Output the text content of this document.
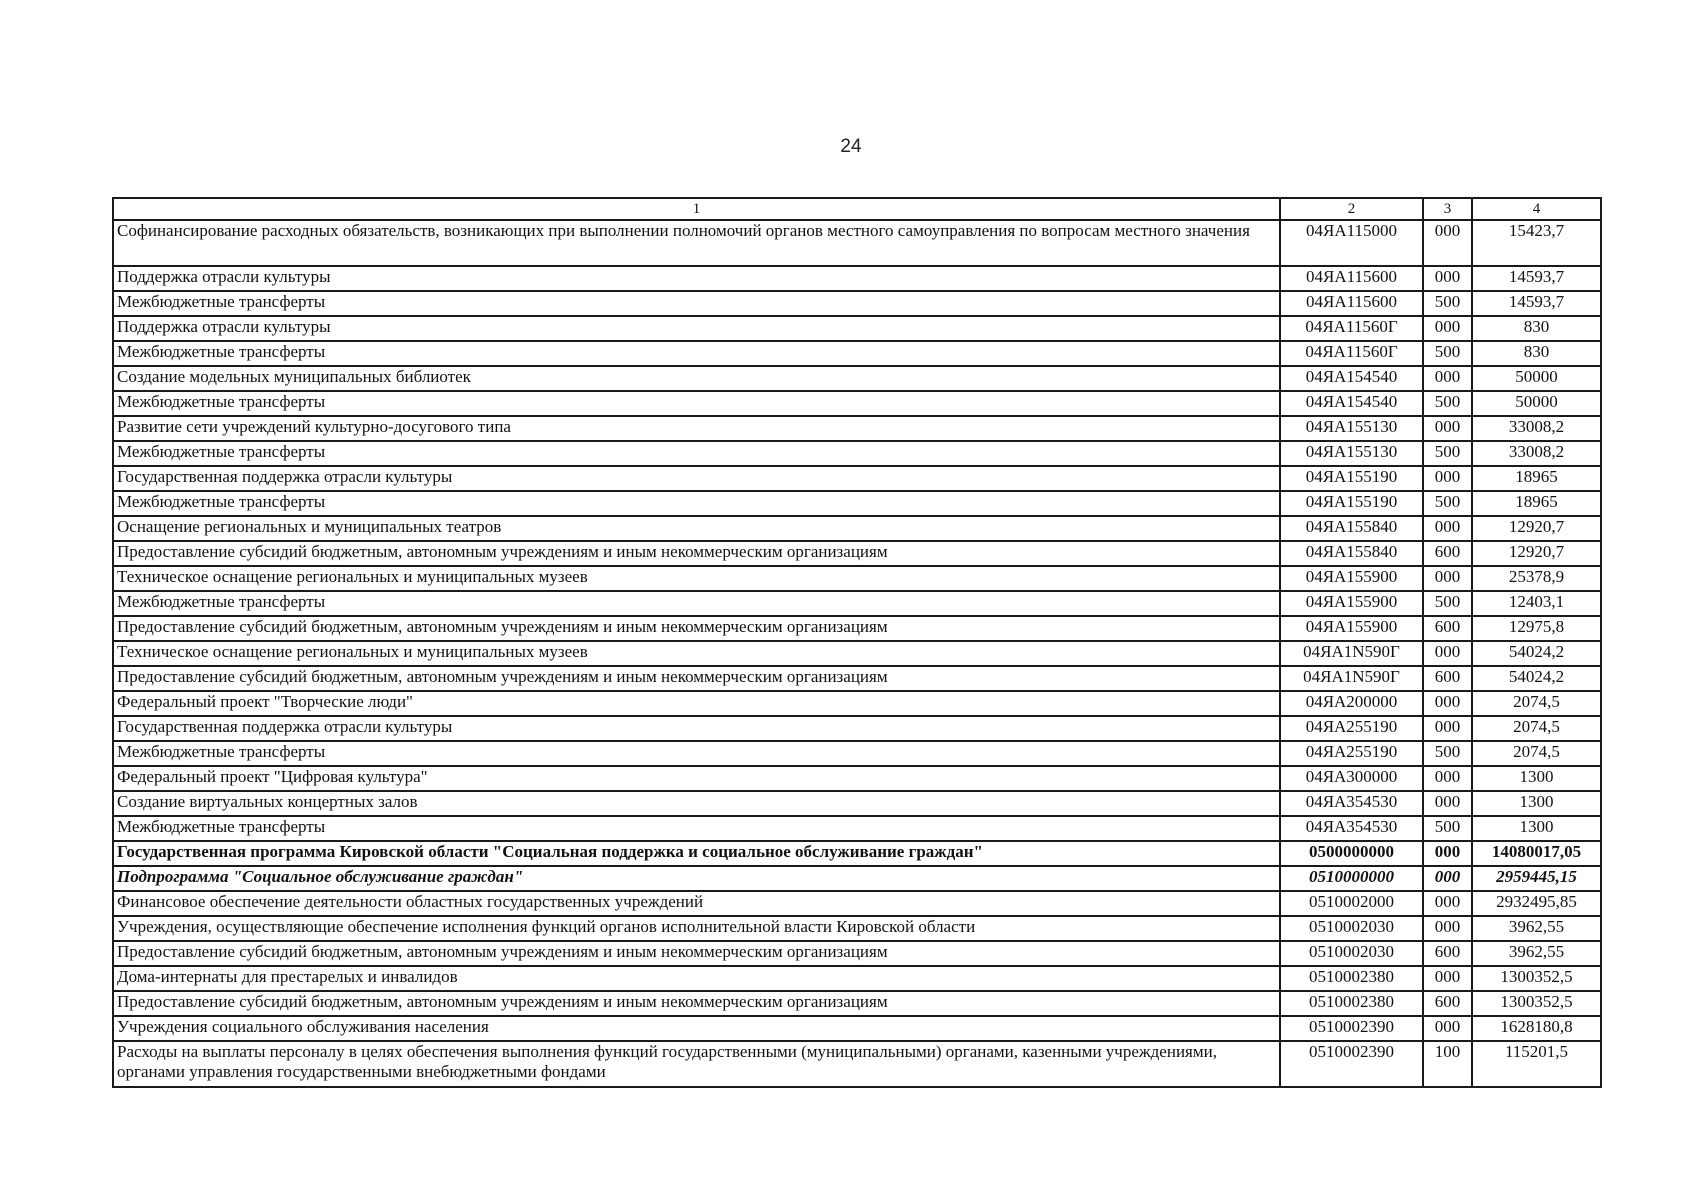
24
1	2	3	4
Софинансирование расходных обязательств, возникающих при выполнении полномочий органов местного самоуправления по вопросам местного значения	04ЯА115000	000	15423,7
Поддержка отрасли культуры	04ЯА115600	000	14593,7
Межбюджетные трансферты	04ЯА115600	500	14593,7
Поддержка отрасли культуры	04ЯА11560Г	000	830
Межбюджетные трансферты	04ЯА11560Г	500	830
Создание модельных муниципальных библиотек	04ЯА154540	000	50000
Межбюджетные трансферты	04ЯА154540	500	50000
Развитие сети учреждений культурно-досугового типа	04ЯА155130	000	33008,2
Межбюджетные трансферты	04ЯА155130	500	33008,2
Государственная поддержка отрасли культуры	04ЯА155190	000	18965
Межбюджетные трансферты	04ЯА155190	500	18965
Оснащение региональных и муниципальных театров	04ЯА155840	000	12920,7
Предоставление субсидий бюджетным, автономным учреждениям и иным некоммерческим организациям	04ЯА155840	600	12920,7
Техническое оснащение региональных и муниципальных музеев	04ЯА155900	000	25378,9
Межбюджетные трансферты	04ЯА155900	500	12403,1
Предоставление субсидий бюджетным, автономным учреждениям и иным некоммерческим организациям	04ЯА155900	600	12975,8
Техническое оснащение региональных и муниципальных музеев	04ЯА1N590Г	000	54024,2
Предоставление субсидий бюджетным, автономным учреждениям и иным некоммерческим организациям	04ЯА1N590Г	600	54024,2
Федеральный проект "Творческие люди"	04ЯА200000	000	2074,5
Государственная поддержка отрасли культуры	04ЯА255190	000	2074,5
Межбюджетные трансферты	04ЯА255190	500	2074,5
Федеральный проект "Цифровая культура"	04ЯА300000	000	1300
Создание виртуальных концертных залов	04ЯА354530	000	1300
Межбюджетные трансферты	04ЯА354530	500	1300
Государственная программа Кировской области "Социальная поддержка и социальное обслуживание граждан"	0500000000	000	14080017,05
Подпрограмма "Социальное обслуживание граждан"	0510000000	000	2959445,15
Финансовое обеспечение деятельности областных государственных учреждений	0510002000	000	2932495,85
Учреждения, осуществляющие обеспечение исполнения функций органов исполнительной власти Кировской области	0510002030	000	3962,55
Предоставление субсидий бюджетным, автономным учреждениям и иным некоммерческим организациям	0510002030	600	3962,55
Дома-интернаты для престарелых и инвалидов	0510002380	000	1300352,5
Предоставление субсидий бюджетным, автономным учреждениям и иным некоммерческим организациям	0510002380	600	1300352,5
Учреждения социального обслуживания населения	0510002390	000	1628180,8
Расходы на выплаты персоналу в целях обеспечения выполнения функций государственными (муниципальными) органами, казенными учреждениями, органами управления государственными внебюджетными фондами	0510002390	100	115201,5
